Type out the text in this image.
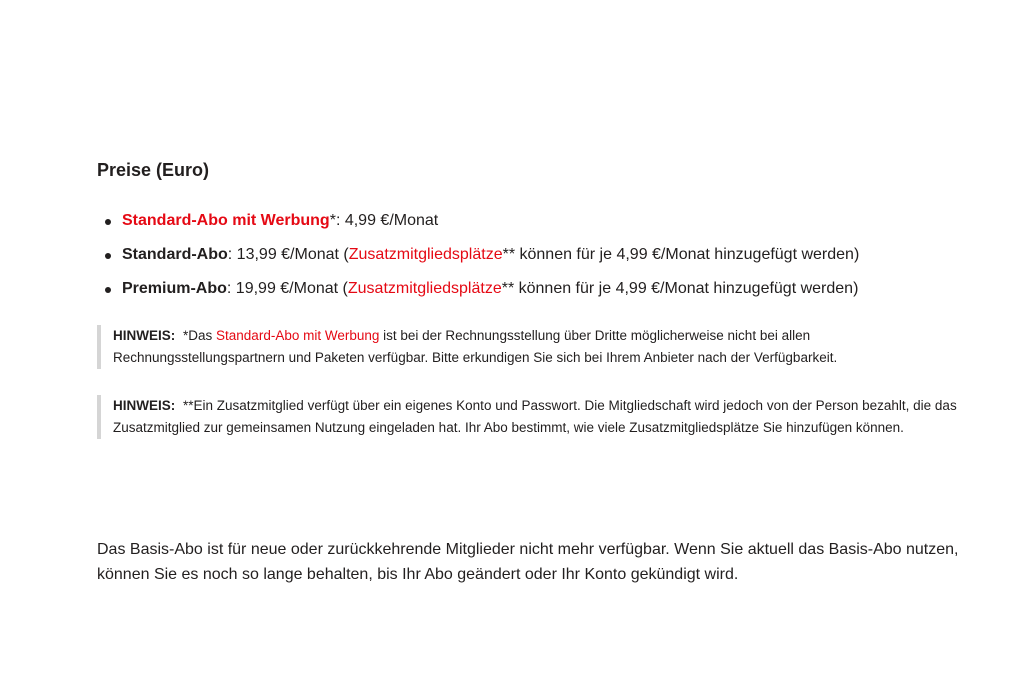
Preise (Euro)
Standard-Abo mit Werbung*: 4,99 €/Monat
Standard-Abo: 13,99 €/Monat (Zusatzmitgliedsplätze** können für je 4,99 €/Monat hinzugefügt werden)
Premium-Abo: 19,99 €/Monat (Zusatzmitgliedsplätze** können für je 4,99 €/Monat hinzugefügt werden)
HINWEIS: *Das Standard-Abo mit Werbung ist bei der Rechnungsstellung über Dritte möglicherweise nicht bei allen Rechnungsstellungspartnern und Paketen verfügbar. Bitte erkundigen Sie sich bei Ihrem Anbieter nach der Verfügbarkeit.
HINWEIS: **Ein Zusatzmitglied verfügt über ein eigenes Konto und Passwort. Die Mitgliedschaft wird jedoch von der Person bezahlt, die das Zusatzmitglied zur gemeinsamen Nutzung eingeladen hat. Ihr Abo bestimmt, wie viele Zusatzmitgliedsplätze Sie hinzufügen können.

Das Basis-Abo ist für neue oder zurückkehrende Mitglieder nicht mehr verfügbar. Wenn Sie aktuell das Basis-Abo nutzen, können Sie es noch so lange behalten, bis Ihr Abo geändert oder Ihr Konto gekündigt wird.
